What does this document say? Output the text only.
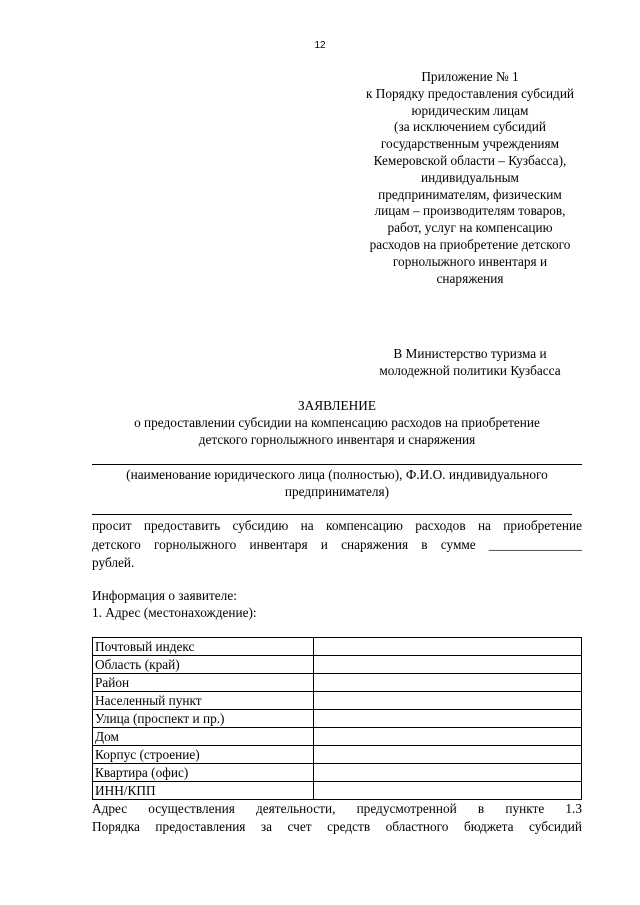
12
Приложение № 1
к Порядку предоставления субсидий
юридическим лицам
(за исключением субсидий
государственным учреждениям
Кемеровской области – Кузбасса),
индивидуальным
предпринимателям, физическим
лицам – производителям товаров,
работ, услуг на компенсацию
расходов на приобретение детского
горнолыжного инвентаря и
снаряжения
В Министерство туризма и
молодежной политики Кузбасса
ЗАЯВЛЕНИЕ
о предоставлении субсидии на компенсацию расходов на приобретение
детского горнолыжного инвентаря и снаряжения
(наименование юридического лица (полностью), Ф.И.О. индивидуального
предпринимателя)
просит предоставить субсидию на компенсацию расходов на приобретение
детского горнолыжного инвентаря и снаряжения в сумме ______________
рублей.
Информация о заявителе:
1. Адрес (местонахождение):
Почтовый индекс	
Область (край)	
Район	
Населенный пункт	
Улица (проспект и пр.)	
Дом	
Корпус (строение)	
Квартира (офис)	
ИНН/КПП	
Адрес осуществления деятельности, предусмотренной в пункте 1.3
Порядка предоставления за счет средств областного бюджета субсидий
